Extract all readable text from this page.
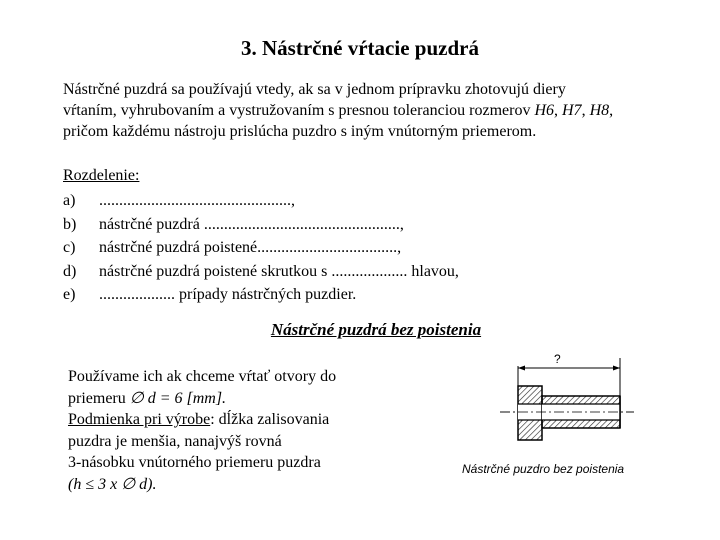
3. Nástrčné vŕtacie puzdrá

Nástrčné puzdrá sa používajú vtedy, ak sa v jednom prípravku zhotovujú diery

vŕtaním, vyhrubovaním a vystružovaním s presnou toleranciou rozmerov H6, H7, H8,

pričom každému nástroju prislúcha puzdro s iným vnútorným priemerom.

Rozdelenie:
a)	................................................,
b)	nástrčné puzdrá .................................................,
c)	nástrčné puzdrá poistené...................................,
d)	nástrčné puzdrá poistené skrutkou s ................... hlavou,
e)	................... prípady nástrčných puzdier.
Nástrčné puzdrá bez poistenia

Používame ich ak chceme vŕtať otvory do

priemeru ∅ d = 6 [mm].

Podmienka pri výrobe: dĺžka zalisovania

puzdra je menšia, nanajvýš rovná

3-násobku vnútorného priemeru puzdra

(h ≤ 3 x ∅ d).

?
Nástrčné puzdro bez poistenia
